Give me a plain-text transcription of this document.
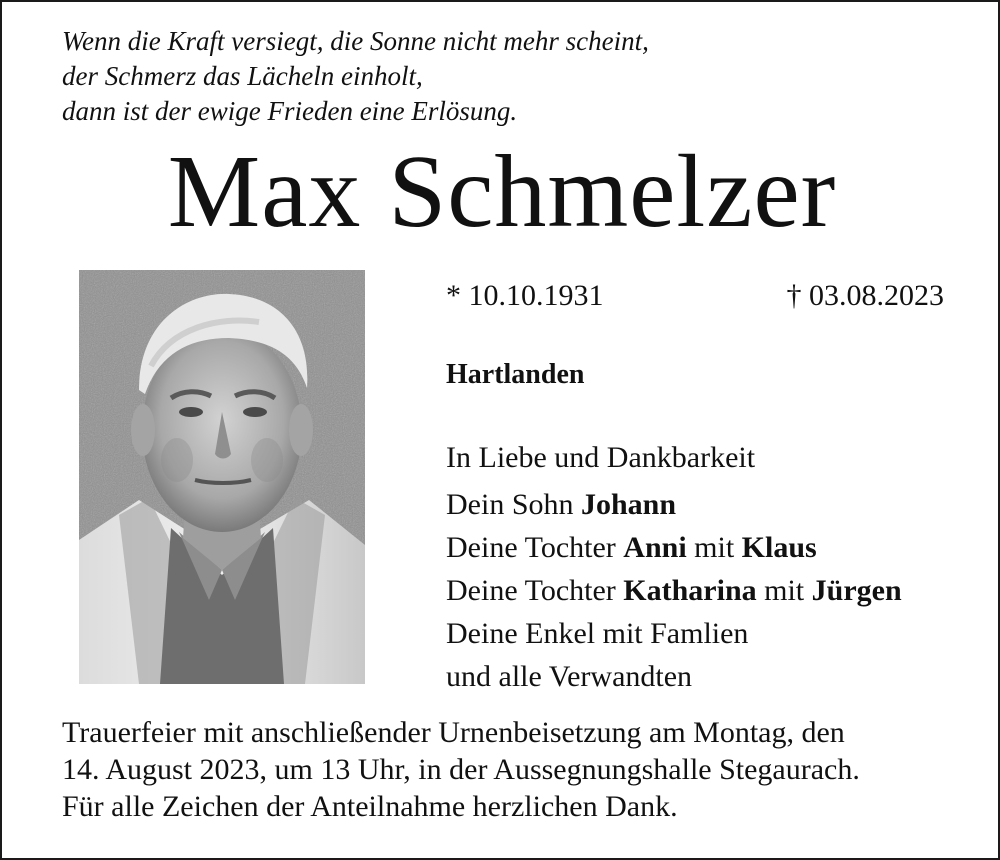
Wenn die Kraft versiegt, die Sonne nicht mehr scheint,
der Schmerz das Lächeln einholt,
dann ist der ewige Frieden eine Erlösung.
Max Schmelzer
* 10.10.1931	† 03.08.2023
Hartlanden
In Liebe und Dankbarkeit
Dein Sohn Johann
Deine Tochter Anni mit Klaus
Deine Tochter Katharina mit Jürgen
Deine Enkel mit Famlien
und alle Verwandten
Trauerfeier mit anschließender Urnenbeisetzung am Montag, den
14. August 2023, um 13 Uhr, in der Aussegnungshalle Stegaurach.
Für alle Zeichen der Anteilnahme herzlichen Dank.
